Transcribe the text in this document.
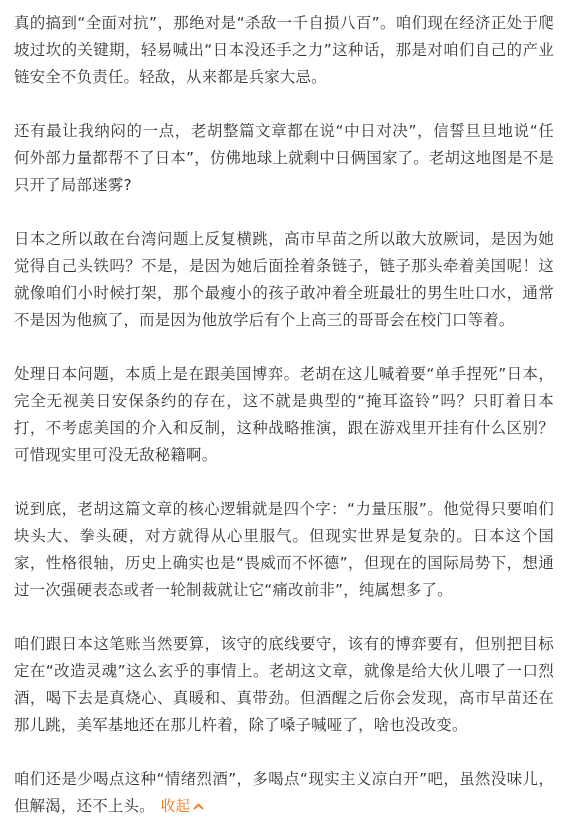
真的搞到“全面对抗”，那绝对是“杀敌一千自损八百”。咱们现在经济正处于爬坡过坎的关键期，轻易喊出“日本没还手之力”这种话，那是对咱们自己的产业链安全不负责任。轻敌，从来都是兵家大忌。

还有最让我纳闷的一点，老胡整篇文章都在说“中日对决”，信誓旦旦地说“任何外部力量都帮不了日本”，仿佛地球上就剩中日俩国家了。老胡这地图是不是只开了局部迷雾?

日本之所以敢在台湾问题上反复横跳，高市早苗之所以敢大放厥词，是因为她觉得自己头铁吗？不是，是因为她后面拴着条链子，链子那头牵着美国呢！这就像咱们小时候打架，那个最瘦小的孩子敢冲着全班最壮的男生吐口水，通常不是因为他疯了，而是因为他放学后有个上高三的哥哥会在校门口等着。

处理日本问题，本质上是在跟美国博弈。老胡在这儿喊着要“单手捏死”日本，完全无视美日安保条约的存在，这不就是典型的“掩耳盗铃”吗？只盯着日本打，不考虑美国的介入和反制，这种战略推演，跟在游戏里开挂有什么区别？可惜现实里可没无敌秘籍啊。

说到底，老胡这篇文章的核心逻辑就是四个字：“力量压服”。他觉得只要咱们块头大、拳头硬，对方就得从心里服气。但现实世界是复杂的。日本这个国家，性格很轴，历史上确实也是“畏威而不怀德”，但现在的国际局势下，想通过一次强硬表态或者一轮制裁就让它“痛改前非”，纯属想多了。

咱们跟日本这笔账当然要算，该守的底线要守，该有的博弈要有，但别把目标定在“改造灵魂”这么玄乎的事情上。老胡这文章，就像是给大伙儿喂了一口烈酒，喝下去是真烧心、真暖和、真带劲。但酒醒之后你会发现，高市早苗还在那儿跳，美军基地还在那儿杵着，除了嗓子喊哑了，啥也没改变。

咱们还是少喝点这种“情绪烈酒”，多喝点“现实主义凉白开”吧，虽然没味儿，但解渴，还不上头。 收起
